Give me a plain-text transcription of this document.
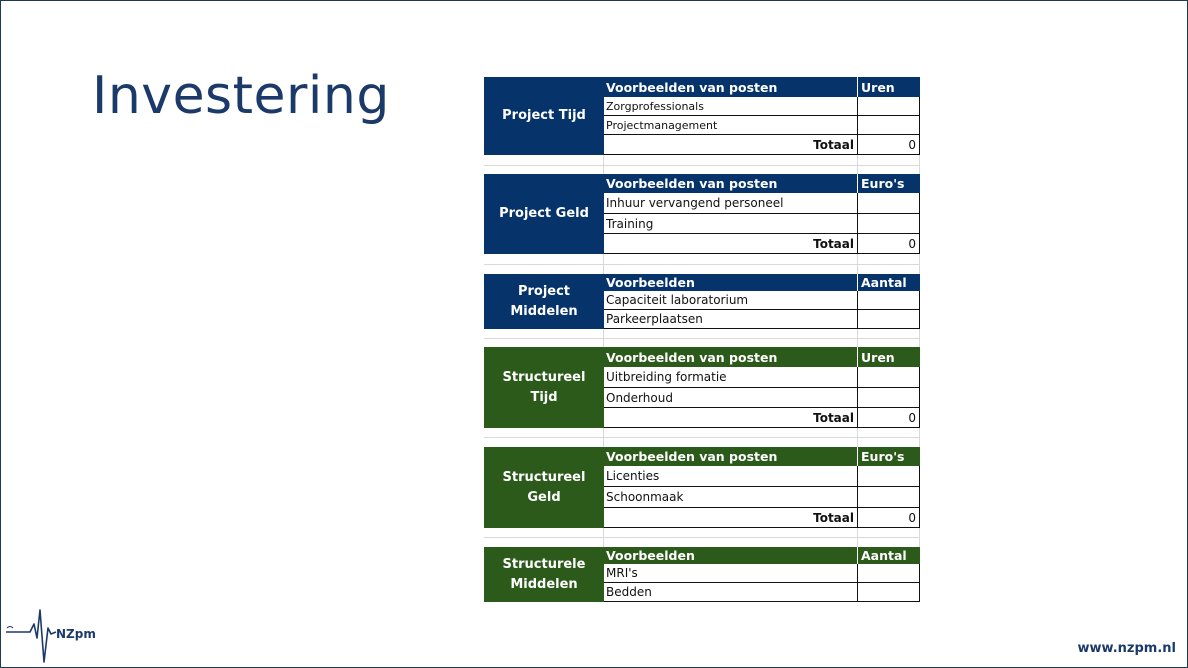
Investering	Project Tijd
Voorbeelden van posten	Uren
Zorgprofessionals
Projectmanagement
Totaal	0
Project Geld
Voorbeelden van posten	Euro's
Inhuur vervangend personeel
Training
Totaal	0
Project Middelen
Voorbeelden	Aantal
Capaciteit laboratorium
Parkeerplaatsen
Structureel Tijd
Voorbeelden van posten	Uren
Uitbreiding formatie
Onderhoud
Totaal	0
Structureel Geld
Voorbeelden van posten	Euro's
Licenties
Schoonmaak
Totaal	0
Structurele Middelen
Voorbeelden	Aantal
MRI's
Bedden
NZpm
www.nzpm.nl
